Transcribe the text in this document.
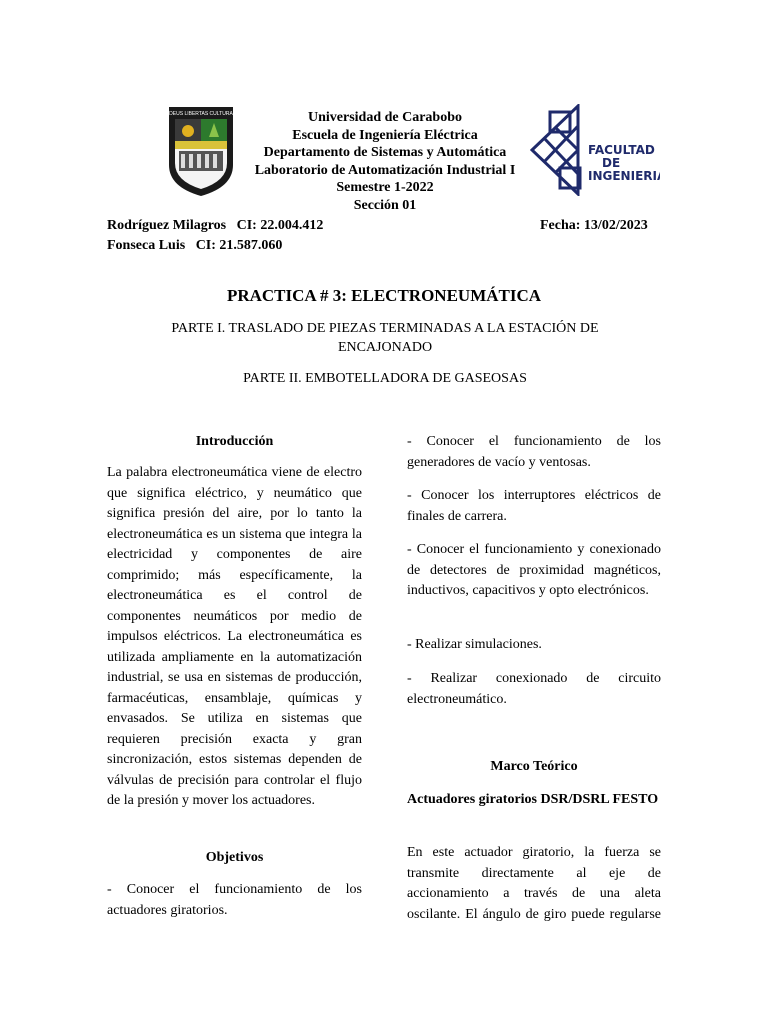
DEUS LIBERTAS CULTURA	Universidad de Carabobo
Escuela de Ingeniería Eléctrica
Departamento de Sistemas y Automática
Laboratorio de Automatización Industrial I
Semestre 1-2022
Sección 01
FACULTAD
DE
INGENIERIA
Rodríguez Milagros CI: 22.004.412
Fonseca Luis CI: 21.587.060
Fecha: 13/02/2023
PRACTICA # 3: ELECTRONEUMÁTICA
PARTE I. TRASLADO DE PIEZAS TERMINADAS A LA ESTACIÓN DE
ENCAJONADO
PARTE II. EMBOTELLADORA DE GASEOSAS
Introducción

La palabra electroneumática viene de electro que significa eléctrico, y neumático que significa presión del aire, por lo tanto la electroneumática es un sistema que integra la electricidad y componentes de aire comprimido; más específicamente, la electroneumática es el control de componentes neumáticos por medio de impulsos eléctricos. La electroneumática es utilizada ampliamente en la automatización industrial, se usa en sistemas de producción, farmacéuticas, ensamblaje, químicas y envasados. Se utiliza en sistemas que requieren precisión exacta y gran sincronización, estos sistemas dependen de válvulas de precisión para controlar el flujo de la presión y mover los actuadores.

Objetivos

- Conocer el funcionamiento de los actuadores giratorios.

- Conocer el funcionamiento de los generadores de vacío y ventosas.

- Conocer los interruptores eléctricos de finales de carrera.

- Conocer el funcionamiento y conexionado de detectores de proximidad magnéticos, inductivos, capacitivos y opto electrónicos.

- Realizar simulaciones.

- Realizar conexionado de circuito electroneumático.

Marco Teórico

Actuadores giratorios DSR/DSRL FESTO

En este actuador giratorio, la fuerza se transmite directamente al eje de accionamiento a través de una aleta oscilante. El ángulo de giro puede regularse
